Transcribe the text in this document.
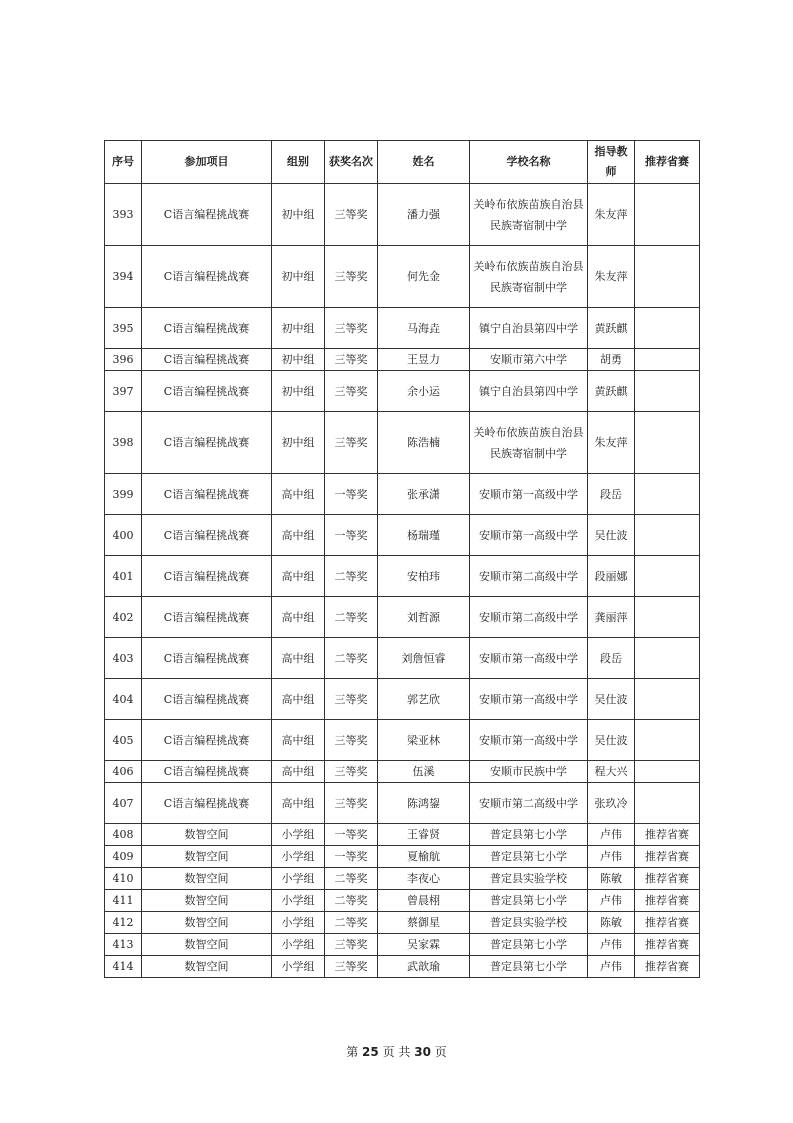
序号	参加项目	组别	获奖名次	姓名	学校名称	指导教师	推荐省赛
393	C语言编程挑战赛	初中组	三等奖	潘力强	关岭布依族苗族自治县民族寄宿制中学	朱友萍	
394	C语言编程挑战赛	初中组	三等奖	何先金	关岭布依族苗族自治县民族寄宿制中学	朱友萍	
395	C语言编程挑战赛	初中组	三等奖	马海垚	镇宁自治县第四中学	黄跃麒	
396	C语言编程挑战赛	初中组	三等奖	王昱力	安顺市第六中学	胡勇	
397	C语言编程挑战赛	初中组	三等奖	余小运	镇宁自治县第四中学	黄跃麒	
398	C语言编程挑战赛	初中组	三等奖	陈浩楠	关岭布依族苗族自治县民族寄宿制中学	朱友萍	
399	C语言编程挑战赛	高中组	一等奖	张承潇	安顺市第一高级中学	段岳	
400	C语言编程挑战赛	高中组	一等奖	杨瑞瑾	安顺市第一高级中学	吴仕波	
401	C语言编程挑战赛	高中组	二等奖	安柏玮	安顺市第二高级中学	段丽娜	
402	C语言编程挑战赛	高中组	二等奖	刘哲源	安顺市第二高级中学	龚丽萍	
403	C语言编程挑战赛	高中组	二等奖	刘詹恒睿	安顺市第一高级中学	段岳	
404	C语言编程挑战赛	高中组	三等奖	郭艺欣	安顺市第一高级中学	吴仕波	
405	C语言编程挑战赛	高中组	三等奖	梁亚林	安顺市第一高级中学	吴仕波	
406	C语言编程挑战赛	高中组	三等奖	伍溪	安顺市民族中学	程大兴	
407	C语言编程挑战赛	高中组	三等奖	陈鸿鋆	安顺市第二高级中学	张玖冷	
408	数智空间	小学组	一等奖	王睿贤	普定县第七小学	卢伟	推荐省赛
409	数智空间	小学组	一等奖	夏榆航	普定县第七小学	卢伟	推荐省赛
410	数智空间	小学组	二等奖	李夜心	普定县实验学校	陈敏	推荐省赛
411	数智空间	小学组	二等奖	曾晨栩	普定县第七小学	卢伟	推荐省赛
412	数智空间	小学组	二等奖	蔡御星	普定县实验学校	陈敏	推荐省赛
413	数智空间	小学组	三等奖	吴家霖	普定县第七小学	卢伟	推荐省赛
414	数智空间	小学组	三等奖	武歆瑜	普定县第七小学	卢伟	推荐省赛
第 25 页 共 30 页
